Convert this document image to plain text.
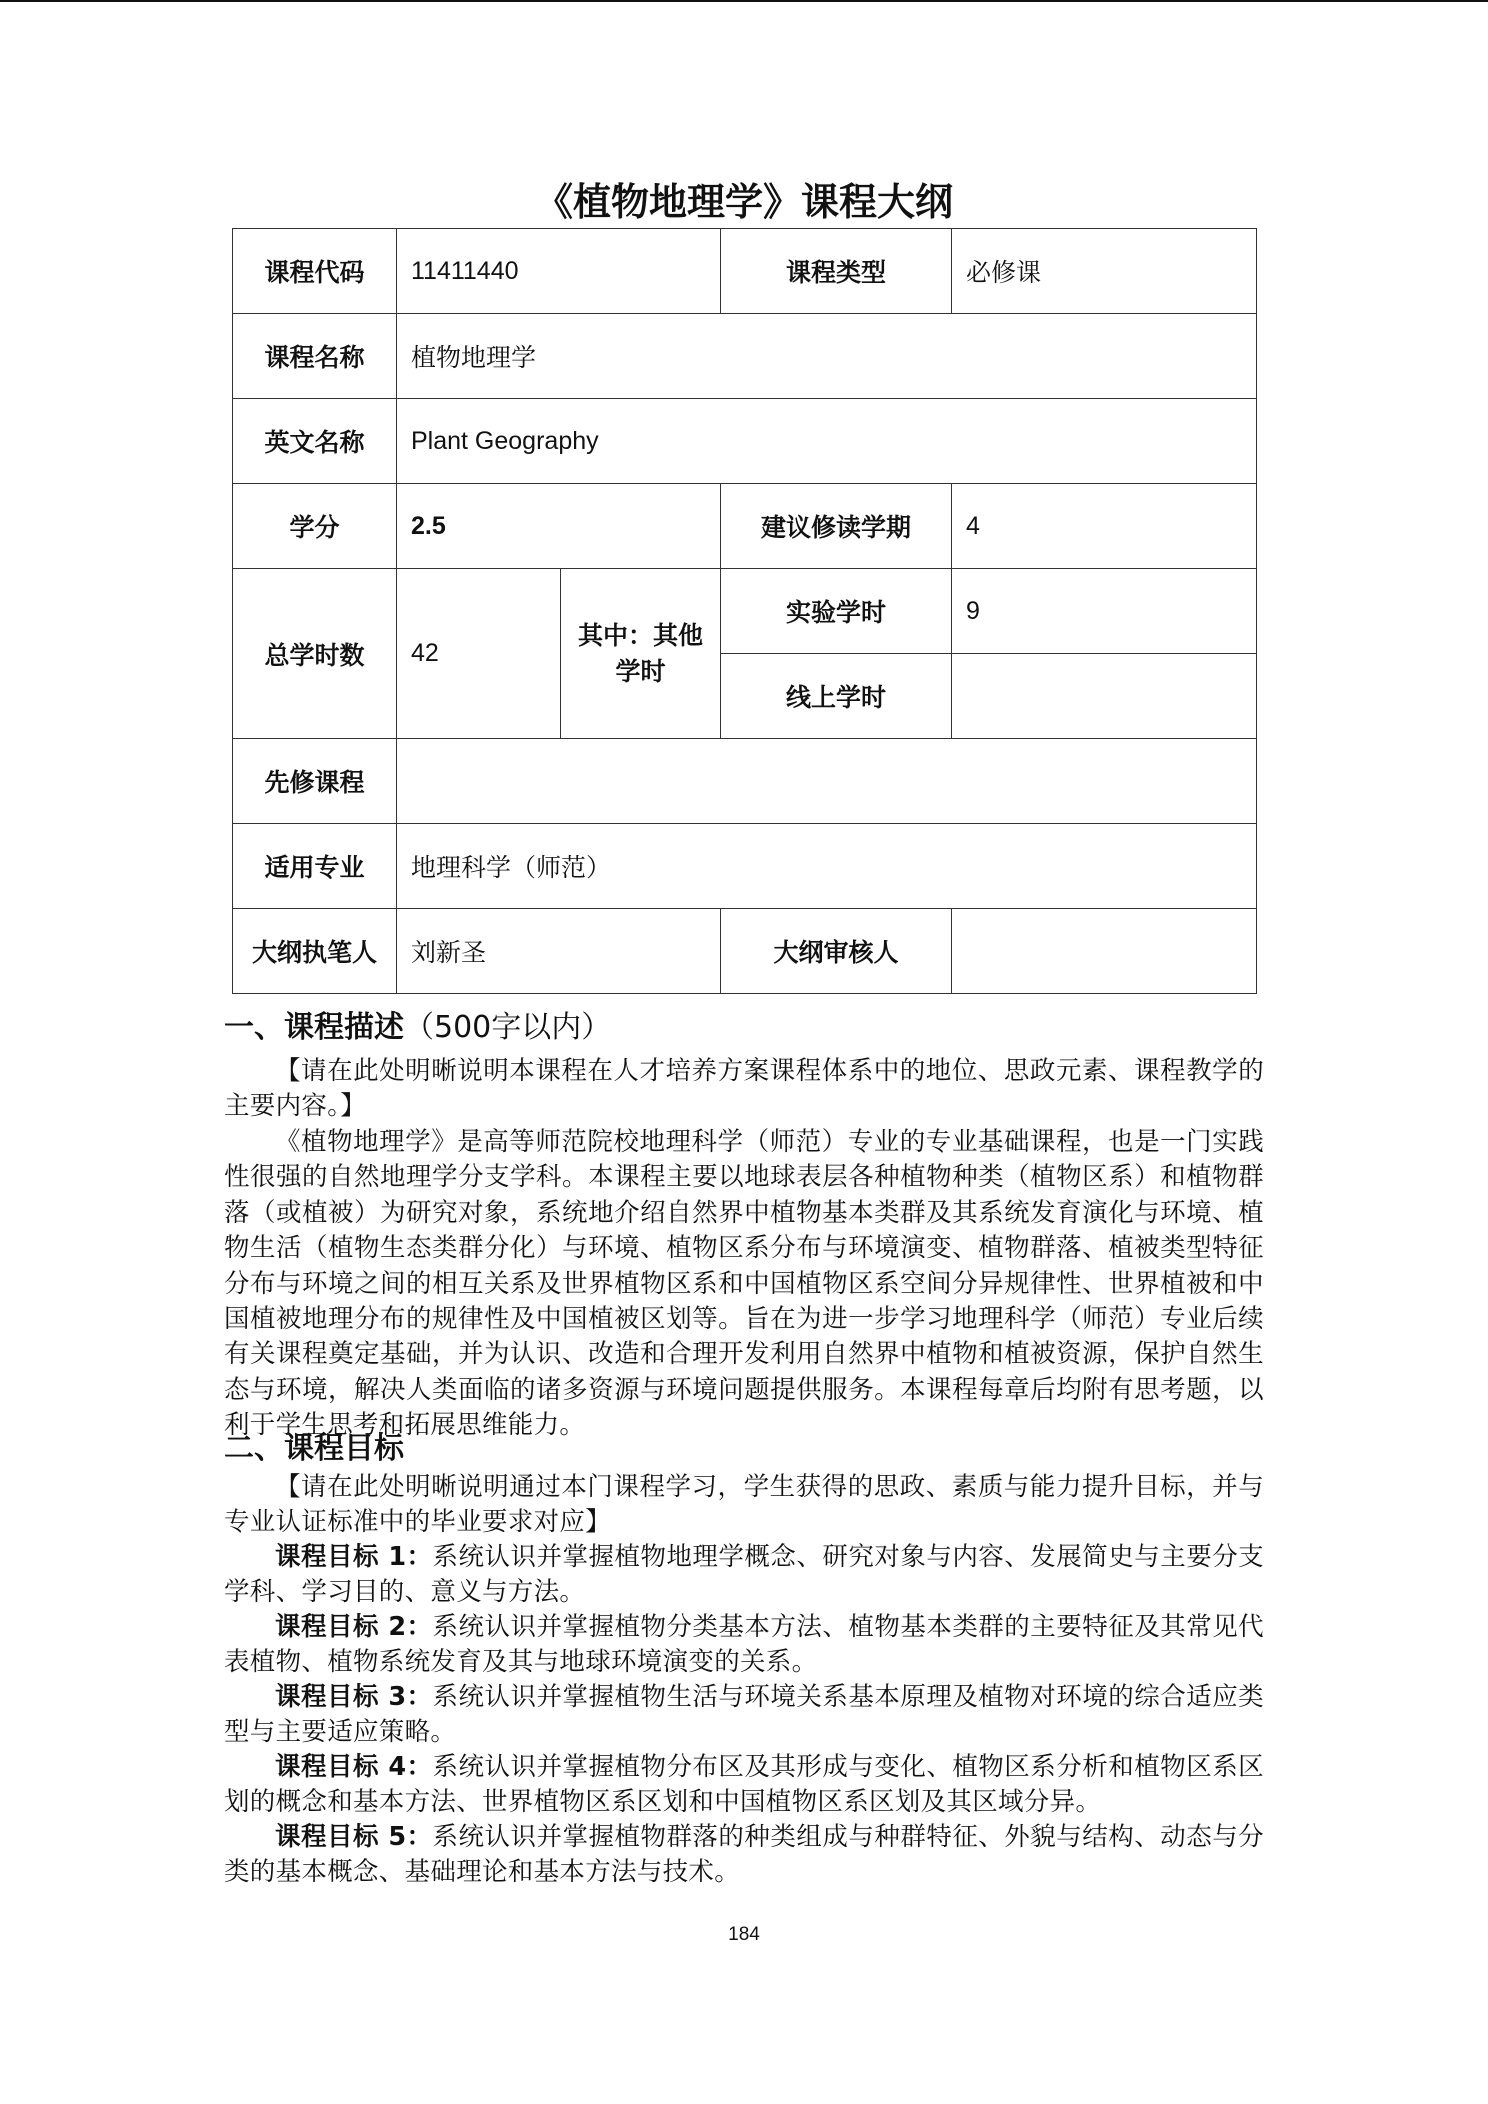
《植物地理学》课程大纲
课程代码	11411440		课程类型	必修课
课程名称	植物地理学			
英文名称	Plant Geography			
学分	2.5		建议修读学期	4
总学时数	42	其中：其他学时	实验学时	9
			线上学时	
先修课程				
适用专业	地理科学（师范）			
大纲执笔人	刘新圣		大纲审核人	
一、课程描述（500字以内）

【请在此处明晰说明本课程在人才培养方案课程体系中的地位、思政元素、课程教学的主要内容。】

《植物地理学》是高等师范院校地理科学（师范）专业的专业基础课程，也是一门实践性很强的自然地理学分支学科。本课程主要以地球表层各种植物种类（植物区系）和植物群落（或植被）为研究对象，系统地介绍自然界中植物基本类群及其系统发育演化与环境、植物生活（植物生态类群分化）与环境、植物区系分布与环境演变、植物群落、植被类型特征分布与环境之间的相互关系及世界植物区系和中国植物区系空间分异规律性、世界植被和中国植被地理分布的规律性及中国植被区划等。旨在为进一步学习地理科学（师范）专业后续有关课程奠定基础，并为认识、改造和合理开发利用自然界中植物和植被资源，保护自然生态与环境，解决人类面临的诸多资源与环境问题提供服务。本课程每章后均附有思考题，以利于学生思考和拓展思维能力。

二、课程目标

【请在此处明晰说明通过本门课程学习，学生获得的思政、素质与能力提升目标，并与专业认证标准中的毕业要求对应】

课程目标 1：系统认识并掌握植物地理学概念、研究对象与内容、发展简史与主要分支学科、学习目的、意义与方法。

课程目标 2：系统认识并掌握植物分类基本方法、植物基本类群的主要特征及其常见代表植物、植物系统发育及其与地球环境演变的关系。

课程目标 3：系统认识并掌握植物生活与环境关系基本原理及植物对环境的综合适应类型与主要适应策略。

课程目标 4：系统认识并掌握植物分布区及其形成与变化、植物区系分析和植物区系区划的概念和基本方法、世界植物区系区划和中国植物区系区划及其区域分异。

课程目标 5：系统认识并掌握植物群落的种类组成与种群特征、外貌与结构、动态与分类的基本概念、基础理论和基本方法与技术。

184
